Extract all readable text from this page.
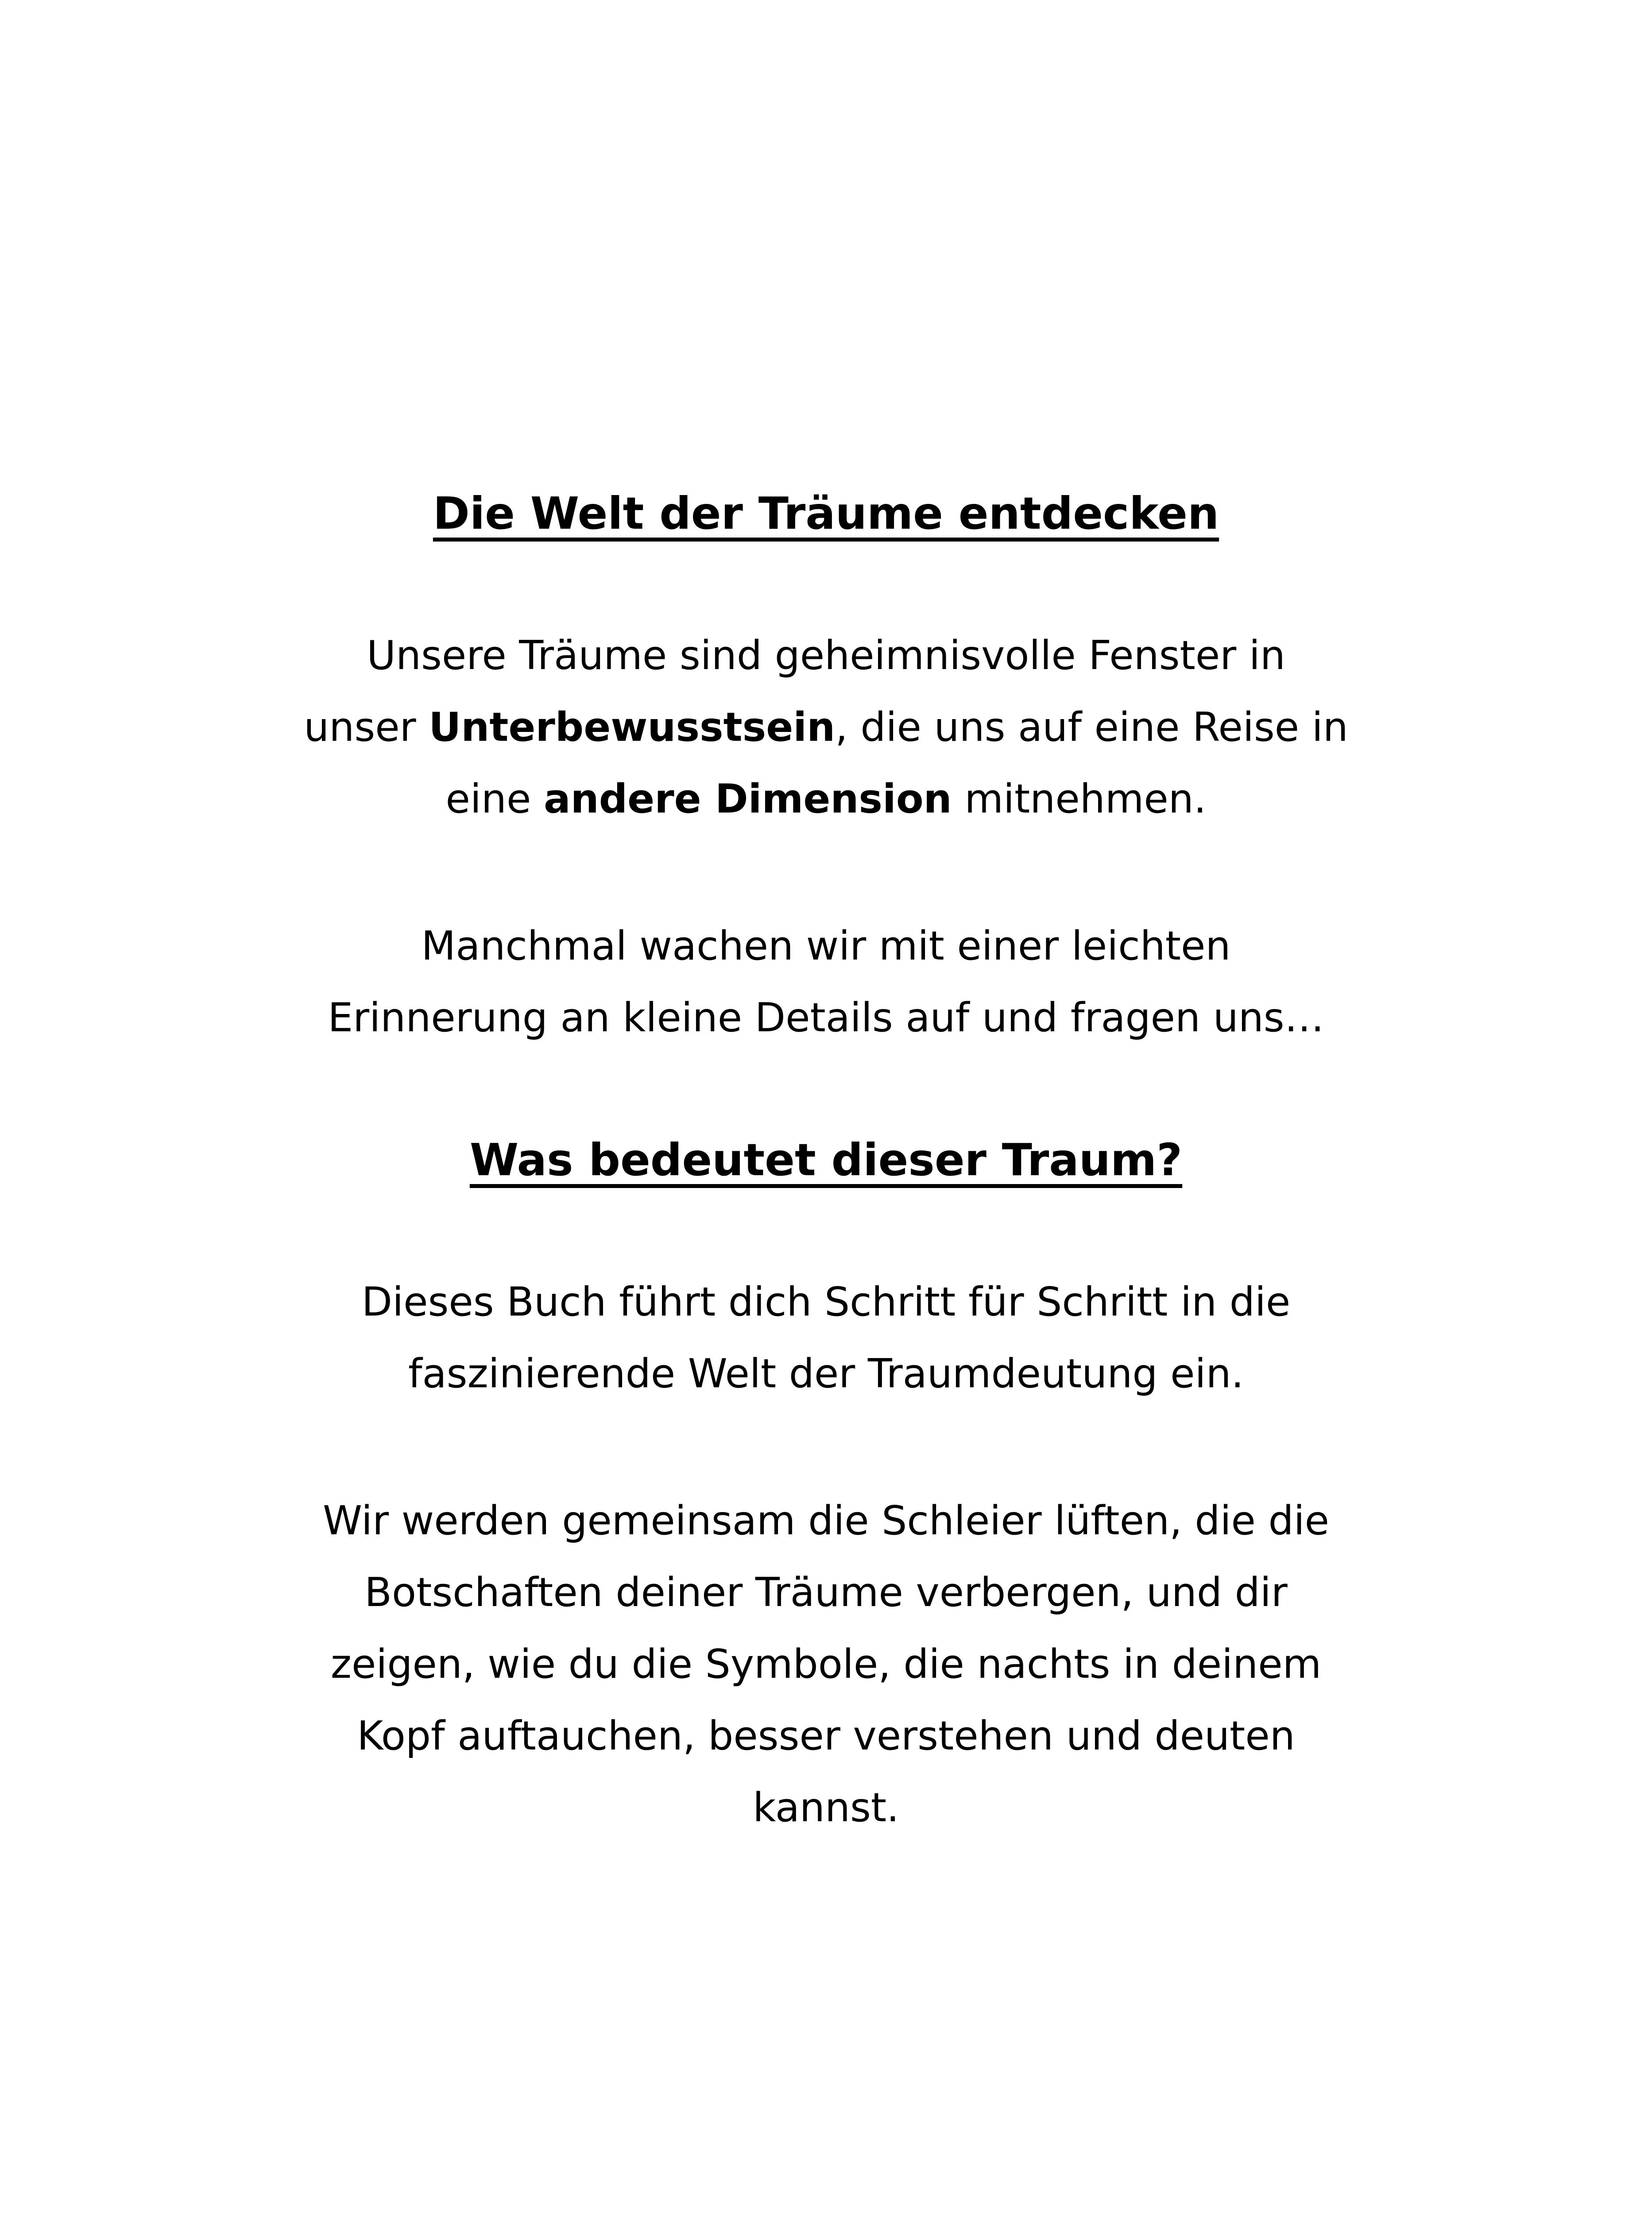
Die Welt der Träume entdecken

Unsere Träume sind geheimnisvolle Fenster in
unser Unterbewusstsein, die uns auf eine Reise in
eine andere Dimension mitnehmen.

Manchmal wachen wir mit einer leichten
Erinnerung an kleine Details auf und fragen uns…

Was bedeutet dieser Traum?

Dieses Buch führt dich Schritt für Schritt in die
faszinierende Welt der Traumdeutung ein.

Wir werden gemeinsam die Schleier lüften, die die
Botschaften deiner Träume verbergen, und dir
zeigen, wie du die Symbole, die nachts in deinem
Kopf auftauchen, besser verstehen und deuten
kannst.
